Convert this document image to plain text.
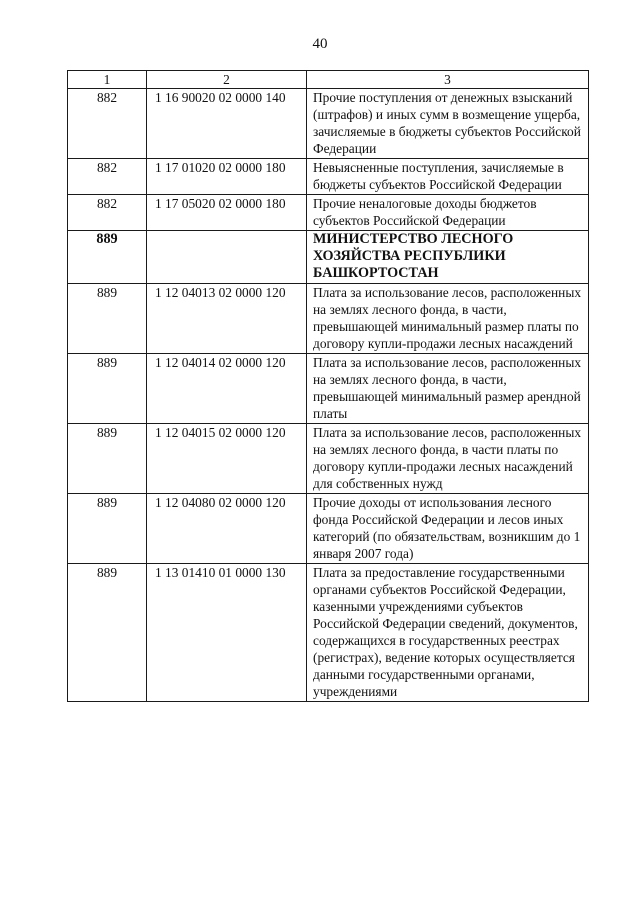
40
1	2	3
882	1 16 90020 02 0000 140	Прочие поступления от денежных взысканий (штрафов) и иных сумм в возмещение ущерба, зачисляемые в бюджеты субъектов Российской Федерации
882	1 17 01020 02 0000 180	Невыясненные поступления, зачисляемые в бюджеты субъектов Российской Федерации
882	1 17 05020 02 0000 180	Прочие неналоговые доходы бюджетов субъектов Российской Федерации
889		МИНИСТЕРСТВО ЛЕСНОГО ХОЗЯЙСТВА РЕСПУБЛИКИ БАШКОРТОСТАН
889	1 12 04013 02 0000 120	Плата за использование лесов, расположенных на землях лесного фонда, в части, превышающей минимальный размер платы по договору купли-продажи лесных насаждений
889	1 12 04014 02 0000 120	Плата за использование лесов, расположенных на землях лесного фонда, в части, превышающей минимальный размер арендной платы
889	1 12 04015 02 0000 120	Плата за использование лесов, расположенных на землях лесного фонда, в части платы по договору купли-продажи лесных насаждений для собственных нужд
889	1 12 04080 02 0000 120	Прочие доходы от использования лесного фонда Российской Федерации и лесов иных категорий (по обязательствам, возникшим до 1 января 2007 года)
889	1 13 01410 01 0000 130	Плата за предоставление государственными органами субъектов Российской Федерации, казенными учреждениями субъектов Российской Федерации сведений, документов, содержащихся в государственных реестрах (регистрах), ведение которых осуществляется данными государственными органами, учреждениями
